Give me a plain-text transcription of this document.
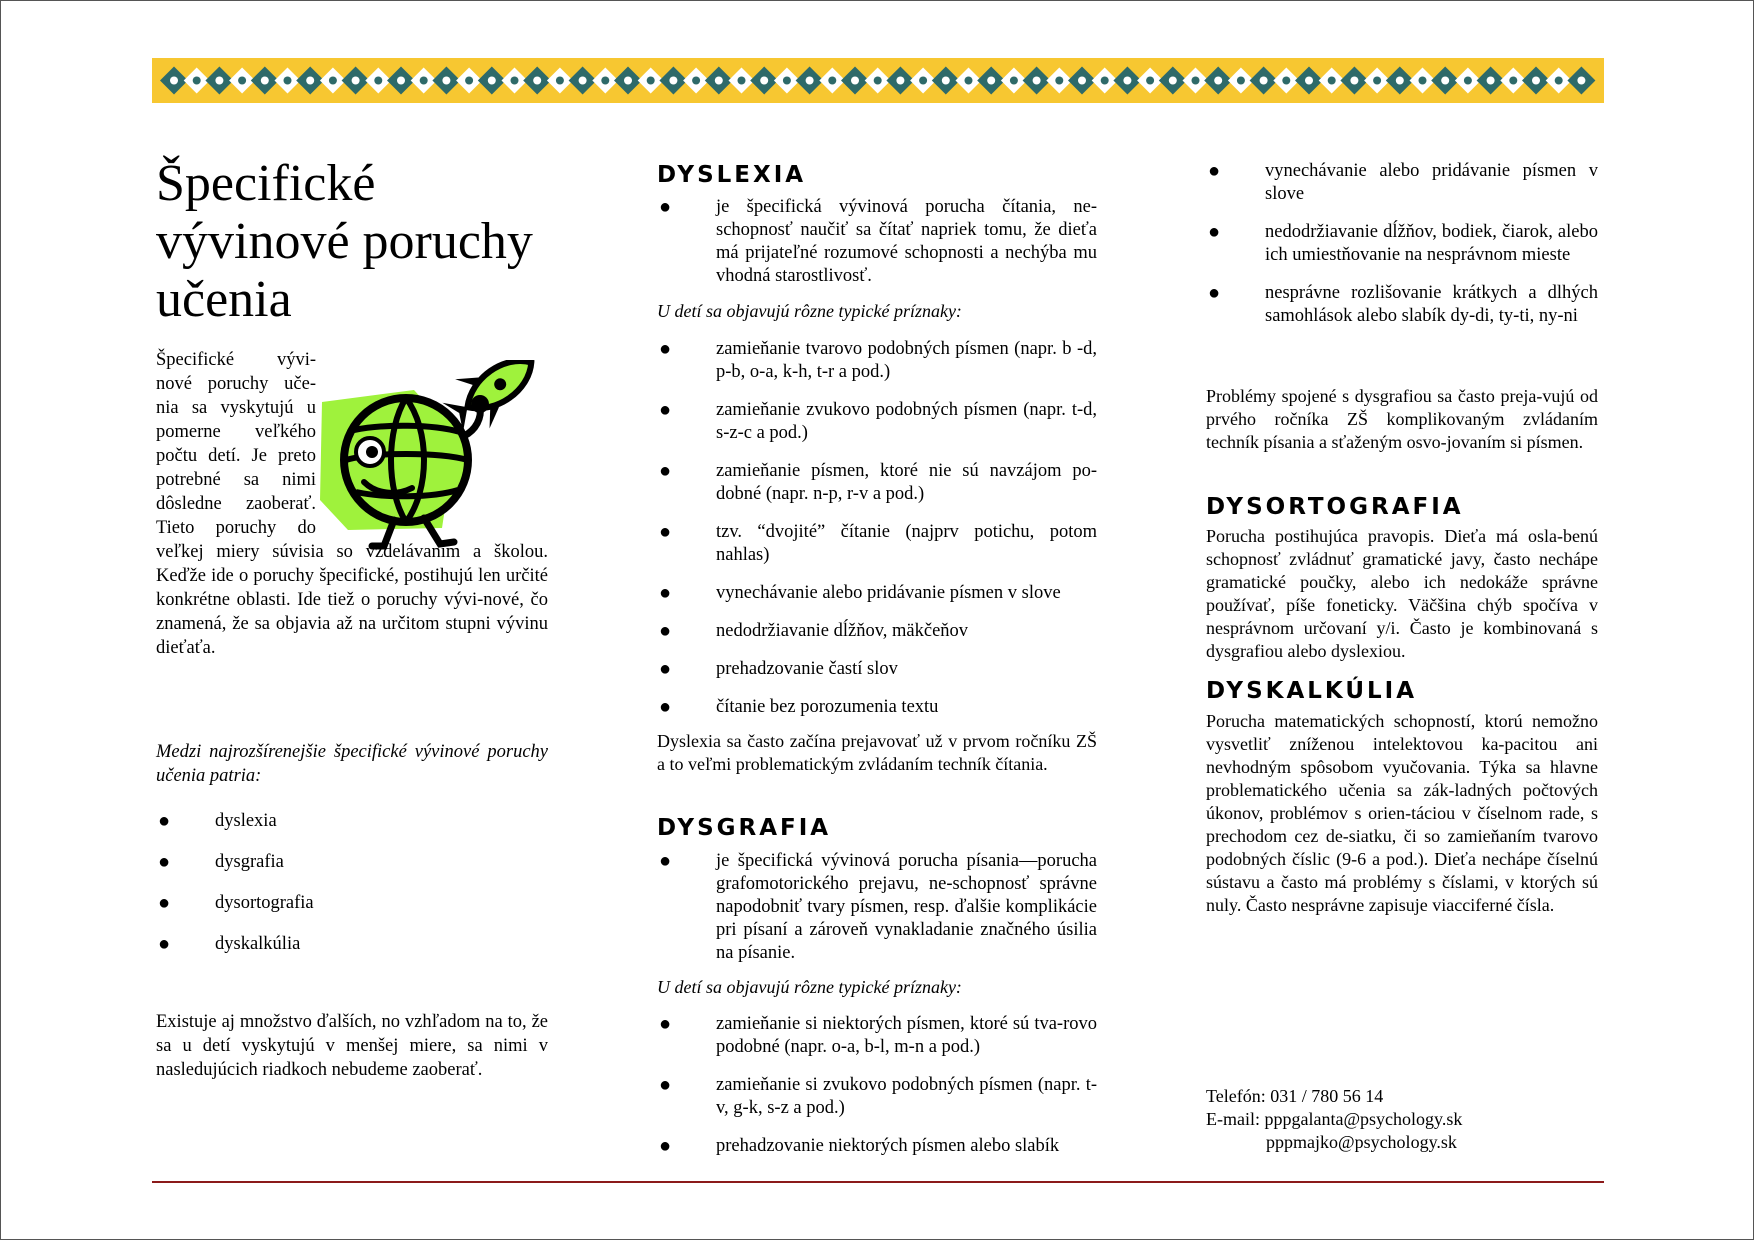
Špecifické vývinové poruchy učenia
Špecifické vývi-
nové poruchy uče-
nia sa vyskytujú u
pomerne veľkého
počtu detí. Je preto
potrebné sa nimi
dôsledne zaoberať.
Tieto poruchy do

veľkej miery súvisia so vzdelávaním a školou. Keďže ide o poruchy špecifické, postihujú len určité konkrétne oblasti. Ide tiež o poruchy vývi-nové, čo znamená, že sa objavia až na určitom stupni vývinu dieťaťa.

Medzi najrozšírenejšie špecifické vývinové poruchy učenia patria:

● dyslexia
● dysgrafia
● dysortografia
● dyskalkúlia

Existuje aj množstvo ďalších, no vzhľadom na to, že sa u detí vyskytujú v menšej miere, sa nimi v nasledujúcich riadkoch nebudeme zaoberať.

DYSLEXIA
● je špecifická vývinová porucha čítania, ne-schopnosť naučiť sa čítať napriek tomu, že dieťa má prijateľné rozumové schopnosti a nechýba mu vhodná starostlivosť.

U detí sa objavujú rôzne typické príznaky:

● zamieňanie tvarovo podobných písmen (napr. b -d, p-b, o-a, k-h, t-r a pod.)
● zamieňanie zvukovo podobných písmen (napr. t-d, s-z-c a pod.)
● zamieňanie písmen, ktoré nie sú navzájom po-dobné (napr. n-p, r-v a pod.)
● tzv. “dvojité” čítanie (najprv potichu, potom nahlas)
● vynechávanie alebo pridávanie písmen v slove
● nedodržiavanie dĺžňov, mäkčeňov
● prehadzovanie častí slov
● čítanie bez porozumenia textu

Dyslexia sa často začína prejavovať už v prvom ročníku ZŠ a to veľmi problematickým zvládaním techník čítania.

DYSGRAFIA
● je špecifická vývinová porucha písania—porucha grafomotorického prejavu, ne-schopnosť správne napodobniť tvary písmen, resp. ďalšie komplikácie pri písaní a zároveň vynakladanie značného úsilia na písanie.

U detí sa objavujú rôzne typické príznaky:

● zamieňanie si niektorých písmen, ktoré sú tva-rovo podobné (napr. o-a, b-l, m-n a pod.)
● zamieňanie si zvukovo podobných písmen (napr. t-v, g-k, s-z a pod.)
● prehadzovanie niektorých písmen alebo slabík
● vynechávanie alebo pridávanie písmen v slove
● nedodržiavanie dĺžňov, bodiek, čiarok, alebo ich umiestňovanie na nesprávnom mieste
● nesprávne rozlišovanie krátkych a dlhých samohlások alebo slabík dy-di, ty-ti, ny-ni

Problémy spojené s dysgrafiou sa často preja-vujú od prvého ročníka ZŠ komplikovaným zvládaním techník písania a sťaženým osvo-jovaním si písmen.

DYSORTOGRAFIA

Porucha postihujúca pravopis. Dieťa má osla-benú schopnosť zvládnuť gramatické javy, často nechápe gramatické poučky, alebo ich nedokáže správne používať, píše foneticky. Väčšina chýb spočíva v nesprávnom určovaní y/i. Často je kombinovaná s dysgrafiou alebo dyslexiou.

DYSKALKÚLIA

Porucha matematických schopností, ktorú nemožno vysvetliť zníženou intelektovou ka-pacitou ani nevhodným spôsobom vyučovania. Týka sa hlavne problematického učenia sa zák-ladných počtových úkonov, problémov s orien-táciou v číselnom rade, s prechodom cez de-siatku, či so zamieňaním tvarovo podobných číslic (9-6 a pod.). Dieťa nechápe číselnú sústavu a často má problémy s číslami, v ktorých sú nuly. Často nesprávne zapisuje viacciferné čísla.

Telefón: 031 / 780 56 14
E-mail: pppgalanta@psychology.sk
pppmajko@psychology.sk
